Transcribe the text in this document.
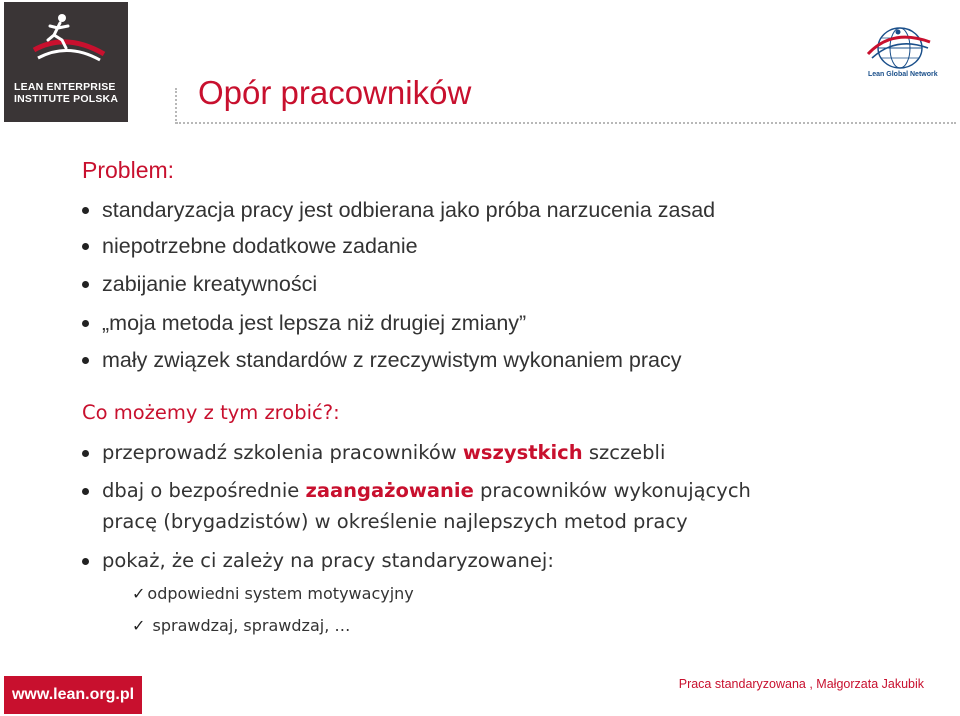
LEAN ENTERPRISE
INSTITUTE POLSKA
Lean Global Network
Opór pracowników
Problem:
standaryzacja pracy jest odbierana jako próba narzucenia zasad
niepotrzebne dodatkowe zadanie
zabijanie kreatywności
„moja metoda jest lepsza niż drugiej zmiany”
mały związek standardów z rzeczywistym wykonaniem pracy
Co możemy z tym zrobić?:
przeprowadź szkolenia pracowników wszystkich szczebli
dbaj o bezpośrednie zaangażowanie pracowników wykonujących
pracę (brygadzistów) w określenie najlepszych metod pracy
pokaż, że ci zależy na pracy standaryzowanej:
✓ odpowiedni system motywacyjny
✓ sprawdzaj, sprawdzaj, …
www.lean.org.pl
Praca standaryzowana , Małgorzata Jakubik
